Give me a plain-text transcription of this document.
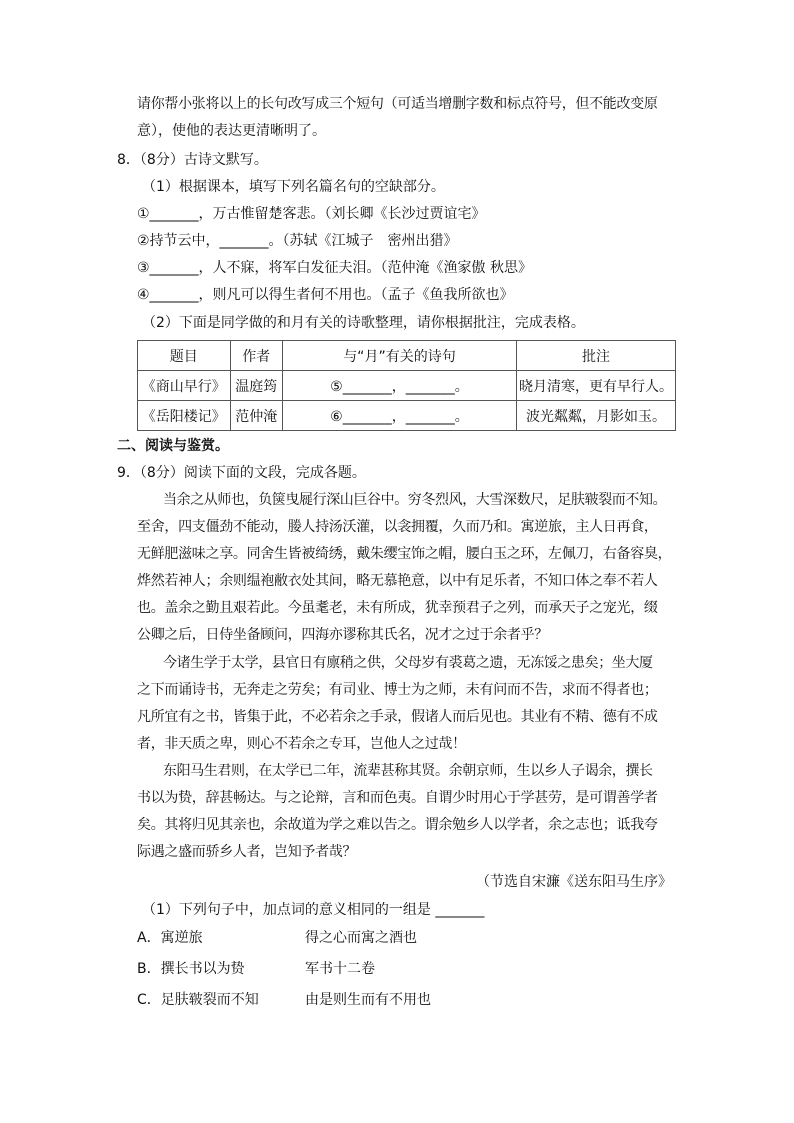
请你帮小张将以上的长句改写成三个短句（可适当增删字数和标点符号，但不能改变原
意），使他的表达更清晰明了。
8．（8分）古诗文默写。
（1）根据课本，填写下列名篇名句的空缺部分。
①_______，万古惟留楚客悲。（刘长卿《长沙过贾谊宅》
②持节云中，_______。（苏轼《江城子　密州出猎》
③_______，人不寐，将军白发征夫泪。（范仲淹《渔家傲 秋思》
④_______，则凡可以得生者何不用也。（孟子《鱼我所欲也》
（2）下面是同学做的和月有关的诗歌整理，请你根据批注，完成表格。
题目	作者	与“月”有关的诗句	批注
《商山早行》	温庭筠	⑤_______，_______。	晓月清寒，更有早行人。
《岳阳楼记》	范仲淹	⑥_______，_______。	波光粼粼，月影如玉。
二、阅读与鉴赏。
9．（8分）阅读下面的文段，完成各题。
当余之从师也，负箧曳屣行深山巨谷中。穷冬烈风，大雪深数尺，足肤皲裂而不知。
至舍，四支僵劲不能动，媵人持汤沃灌，以衾拥覆，久而乃和。寓逆旅，主人日再食，
无鲜肥滋味之享。同舍生皆被绮绣，戴朱缨宝饰之帽，腰白玉之环，左佩刀，右备容臭，
烨然若神人；余则缊袍敝衣处其间，略无慕艳意，以中有足乐者，不知口体之奉不若人
也。盖余之勤且艰若此。今虽耄老，未有所成，犹幸预君子之列，而承天子之宠光，缀
公卿之后，日侍坐备顾问，四海亦谬称其氏名，况才之过于余者乎？
今诸生学于太学，县官日有廪稍之供，父母岁有裘葛之遗，无冻馁之患矣；坐大厦
之下而诵诗书，无奔走之劳矣；有司业、博士为之师，未有问而不告，求而不得者也；
凡所宜有之书，皆集于此，不必若余之手录，假诸人而后见也。其业有不精、德有不成
者，非天质之卑，则心不若余之专耳，岂他人之过哉！
东阳马生君则，在太学已二年，流辈甚称其贤。余朝京师，生以乡人子谒余，撰长
书以为贽，辞甚畅达。与之论辩，言和而色夷。自谓少时用心于学甚劳，是可谓善学者
矣。其将归见其亲也，余故道为学之难以告之。谓余勉乡人以学者，余之志也；诋我夸
际遇之盛而骄乡人者，岂知予者哉？
（节选自宋濂《送东阳马生序》
（1）下列句子中，加点词的意义相同的一组是 _______
A．寓逆旅	得之心而寓之酒也
B．撰长书以为贽	军书十二卷
C．足肤皲裂而不知	由是则生而有不用也
